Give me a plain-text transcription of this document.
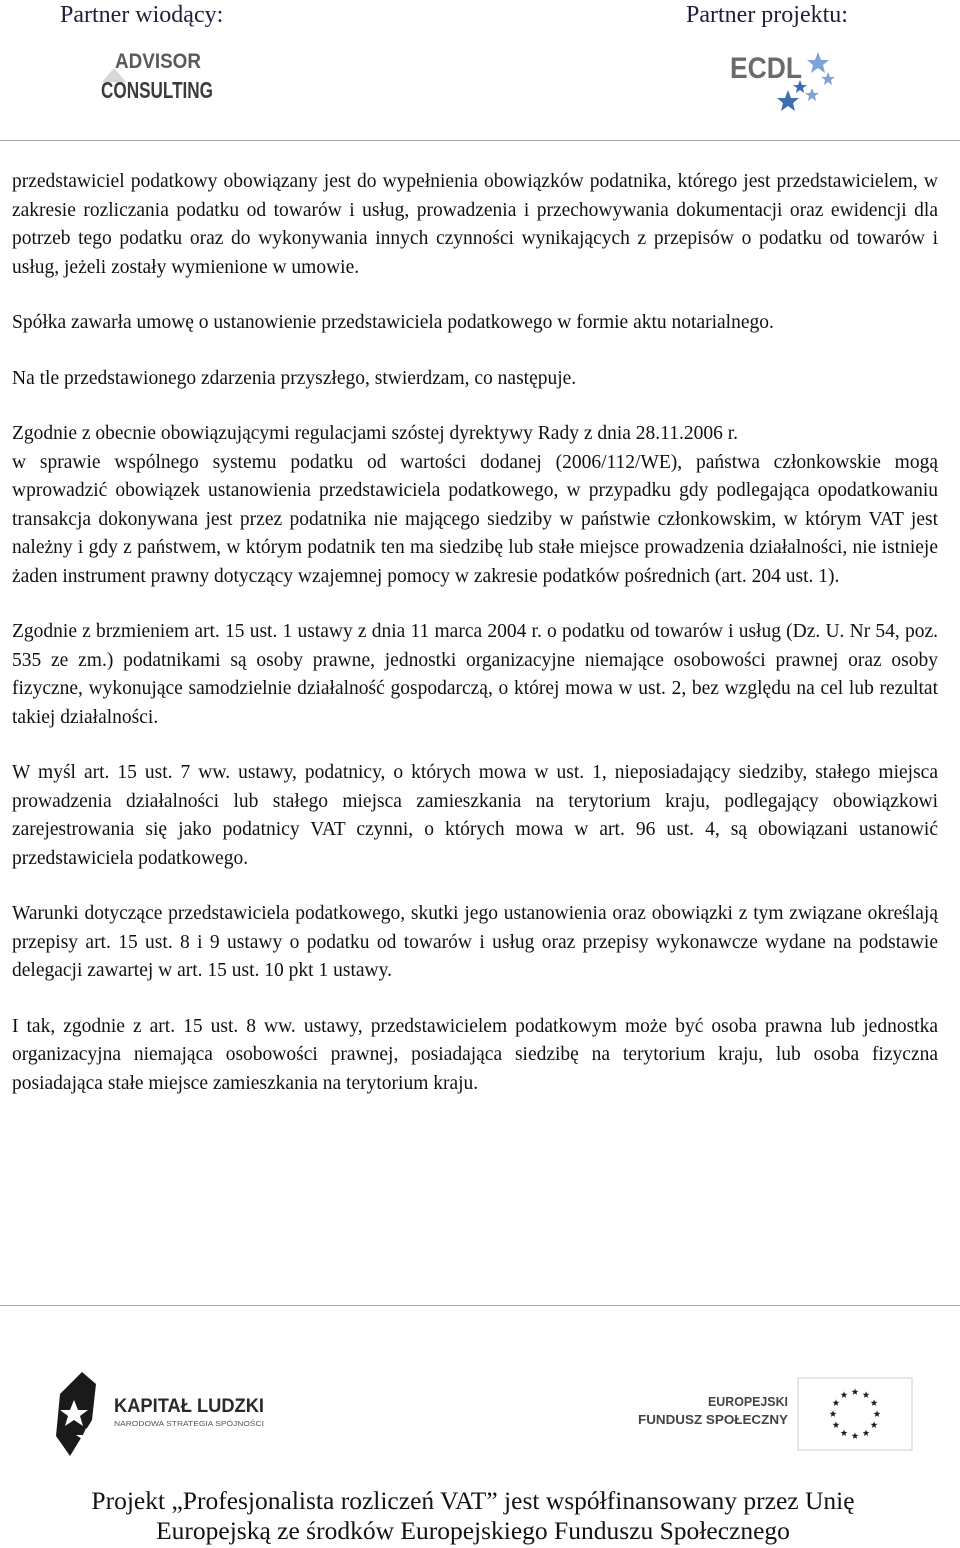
Partner wiodący:	Partner projektu:
ADVISOR
CONSULTING
ECDL

przedstawiciel podatkowy obowiązany jest do wypełnienia obowiązków podatnika, którego jest przedstawicielem, w zakresie rozliczania podatku od towarów i usług, prowadzenia i przechowywania dokumentacji oraz ewidencji dla potrzeb tego podatku oraz do wykonywania innych czynności wynikających z przepisów o podatku od towarów i usług, jeżeli zostały wymienione w umowie.

Spółka zawarła umowę o ustanowienie przedstawiciela podatkowego w formie aktu notarialnego.

Na tle przedstawionego zdarzenia przyszłego, stwierdzam, co następuje.

Zgodnie z obecnie obowiązującymi regulacjami szóstej dyrektywy Rady z dnia 28.11.2006 r.

w sprawie wspólnego systemu podatku od wartości dodanej (2006/112/WE), państwa członkowskie mogą wprowadzić obowiązek ustanowienia przedstawiciela podatkowego, w przypadku gdy podlegająca opodatkowaniu transakcja dokonywana jest przez podatnika nie mającego siedziby w państwie członkowskim, w którym VAT jest należny i gdy z państwem, w którym podatnik ten ma siedzibę lub stałe miejsce prowadzenia działalności, nie istnieje żaden instrument prawny dotyczący wzajemnej pomocy w zakresie podatków pośrednich (art. 204 ust. 1).

Zgodnie z brzmieniem art. 15 ust. 1 ustawy z dnia 11 marca 2004 r. o podatku od towarów i usług (Dz. U. Nr 54, poz. 535 ze zm.) podatnikami są osoby prawne, jednostki organizacyjne niemające osobowości prawnej oraz osoby fizyczne, wykonujące samodzielnie działalność gospodarczą, o której mowa w ust. 2, bez względu na cel lub rezultat takiej działalności.

W myśl art. 15 ust. 7 ww. ustawy, podatnicy, o których mowa w ust. 1, nieposiadający siedziby, stałego miejsca prowadzenia działalności lub stałego miejsca zamieszkania na terytorium kraju, podlegający obowiązkowi zarejestrowania się jako podatnicy VAT czynni, o których mowa w art. 96 ust. 4, są obowiązani ustanowić przedstawiciela podatkowego.

Warunki dotyczące przedstawiciela podatkowego, skutki jego ustanowienia oraz obowiązki z tym związane określają przepisy art. 15 ust. 8 i 9 ustawy o podatku od towarów i usług oraz przepisy wykonawcze wydane na podstawie delegacji zawartej w art. 15 ust. 10 pkt 1 ustawy.

I tak, zgodnie z art. 15 ust. 8 ww. ustawy, przedstawicielem podatkowym może być osoba prawna lub jednostka organizacyjna niemająca osobowości prawnej, posiadająca siedzibę na terytorium kraju, lub osoba fizyczna posiadająca stałe miejsce zamieszkania na terytorium kraju.

KAPITAŁ LUDZKI
NARODOWA STRATEGIA SPÓJNOŚCI
EUROPEJSKI
FUNDUSZ SPOŁECZNY
Projekt „Profesjonalista rozliczeń VAT” jest współfinansowany przez Unię
Europejską ze środków Europejskiego Funduszu Społecznego
